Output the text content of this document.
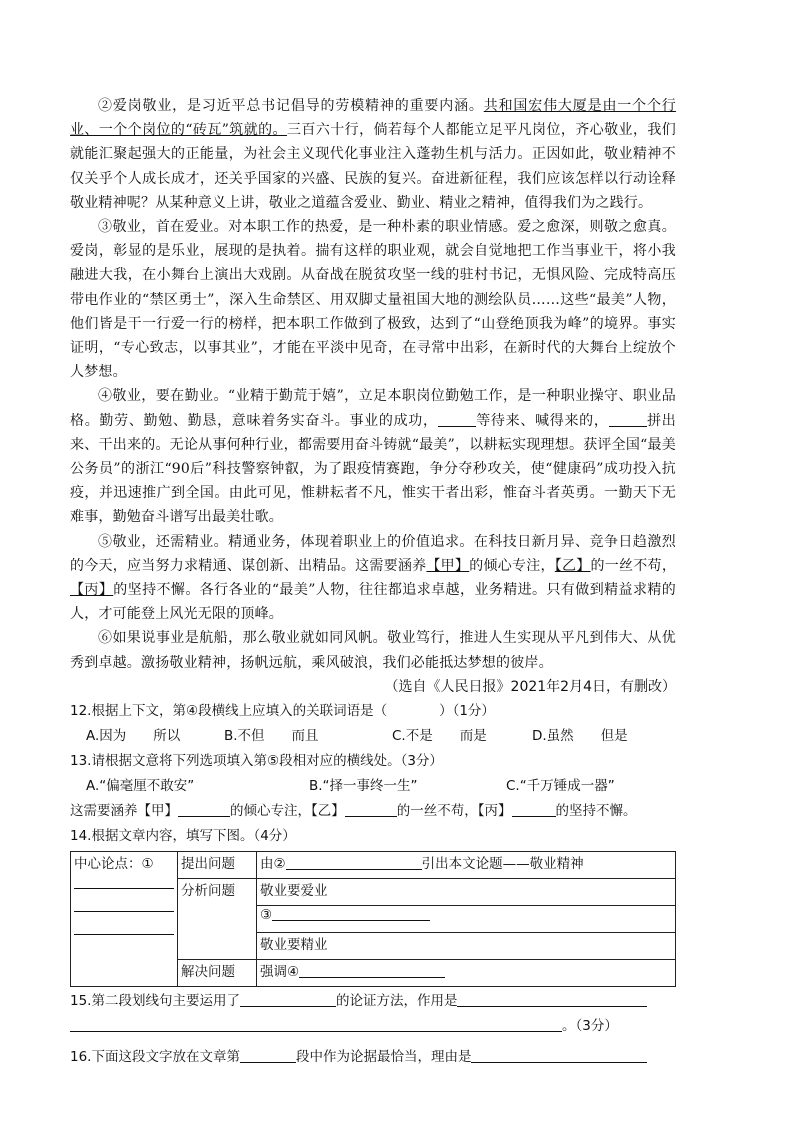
②爱岗敬业，是习近平总书记倡导的劳模精神的重要内涵。共和国宏伟大厦是由一个个行业、一个个岗位的“砖瓦”筑就的。三百六十行，倘若每个人都能立足平凡岗位，齐心敬业，我们就能汇聚起强大的正能量，为社会主义现代化事业注入蓬勃生机与活力。正因如此，敬业精神不仅关乎个人成长成才，还关乎国家的兴盛、民族的复兴。奋进新征程，我们应该怎样以行动诠释敬业精神呢？从某种意义上讲，敬业之道蕴含爱业、勤业、精业之精神，值得我们为之践行。

③敬业，首在爱业。对本职工作的热爱，是一种朴素的职业情感。爱之愈深，则敬之愈真。爱岗，彰显的是乐业，展现的是执着。揣有这样的职业观，就会自觉地把工作当事业干，将小我融进大我，在小舞台上演出大戏剧。从奋战在脱贫攻坚一线的驻村书记，无惧风险、完成特高压带电作业的“禁区勇士”，深入生命禁区、用双脚丈量祖国大地的测绘队员……这些“最美”人物，他们皆是干一行爱一行的榜样，把本职工作做到了极致，达到了“山登绝顶我为峰”的境界。事实证明，“专心致志，以事其业”，才能在平淡中见奇，在寻常中出彩，在新时代的大舞台上绽放个人梦想。

④敬业，要在勤业。“业精于勤荒于嬉”，立足本职岗位勤勉工作，是一种职业操守、职业品格。勤劳、勤勉、勤恳，意味着务实奋斗。事业的成功，	等待来、喊得来的，	拼出来、干出来的。无论从事何种行业，都需要用奋斗铸就“最美”，以耕耘实现理想。获评全国“最美公务员”的浙江“90后”科技警察钟叡，为了跟疫情赛跑，争分夺秒攻关，使“健康码”成功投入抗疫，并迅速推广到全国。由此可见，惟耕耘者不凡，惟实干者出彩，惟奋斗者英勇。一勤天下无难事，勤勉奋斗谱写出最美壮歌。

⑤敬业，还需精业。精通业务，体现着职业上的价值追求。在科技日新月异、竞争日趋激烈的今天，应当努力求精通、谋创新、出精品。这需要涵养【甲】的倾心专注，【乙】的一丝不苟，【丙】的坚持不懈。各行各业的“最美”人物，往往都追求卓越，业务精进。只有做到精益求精的人，才可能登上风光无限的顶峰。

⑥如果说事业是航船，那么敬业就如同风帆。敬业笃行，推进人生实现从平凡到伟大、从优秀到卓越。激扬敬业精神，扬帆远航，乘风破浪，我们必能抵达梦想的彼岸。

（选自《人民日报》2021年2月4日，有删改）

12.根据上下文，第④段横线上应填入的关联词语是（	）（1分）

A.因为　　所以	B.不但　　而且	C.不是　　而是	D.虽然　　但是

13.请根据文意将下列选项填入第⑤段相对应的横线处。（3分）

A.“偏毫厘不敢安”	B.“择一事终一生”	C.“千万锤成一器”

这需要涵养【甲】	的倾心专注，【乙】	的一丝不苟，【丙】	的坚持不懈。

14.根据文章内容，填写下图。（4分）

中心论点：①	提出问题	由② 引出本文论题——敬业精神
	分析问题	敬业要爱业
		③
		敬业要精业
	解决问题	强调④

15.第二段划线句主要运用了	的论证方法，作用是

。（3分）

16.下面这段文字放在文章第	段中作为论据最恰当，理由是
